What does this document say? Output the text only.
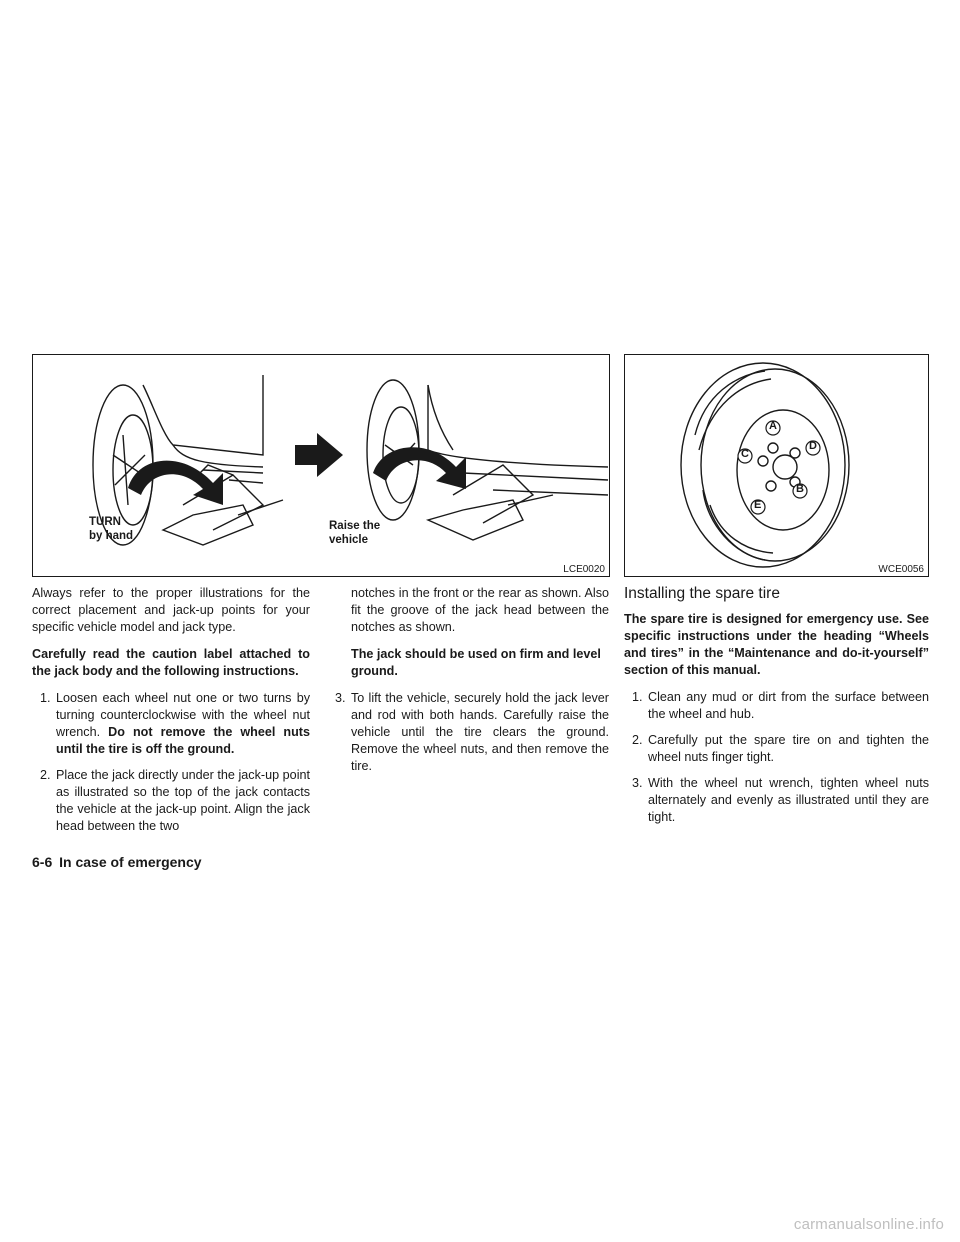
TURN
by hand
Raise the
vehicle
LCE0020
A
B
C
D
E
WCE0056

Always refer to the proper illustrations for the correct placement and jack-up points for your specific vehicle model and jack type.

Carefully read the caution label attached to the jack body and the following instructions.

1. Loosen each wheel nut one or two turns by turning counterclockwise with the wheel nut wrench. Do not remove the wheel nuts until the tire is off the ground.
2. Place the jack directly under the jack-up point as illustrated so the top of the jack contacts the vehicle at the jack-up point. Align the jack head between the two

notches in the front or the rear as shown. Also fit the groove of the jack head between the notches as shown.

The jack should be used on firm and level ground.

3. To lift the vehicle, securely hold the jack lever and rod with both hands. Carefully raise the vehicle until the tire clears the ground. Remove the wheel nuts, and then remove the tire.
Installing the spare tire

The spare tire is designed for emergency use. See specific instructions under the heading “Wheels and tires” in the “Maintenance and do-it-yourself” section of this manual.

1. Clean any mud or dirt from the surface between the wheel and hub.
2. Carefully put the spare tire on and tighten the wheel nuts finger tight.
3. With the wheel nut wrench, tighten wheel nuts alternately and evenly as illustrated until they are tight.
6-6 In case of emergency
carmanualsonline.info
